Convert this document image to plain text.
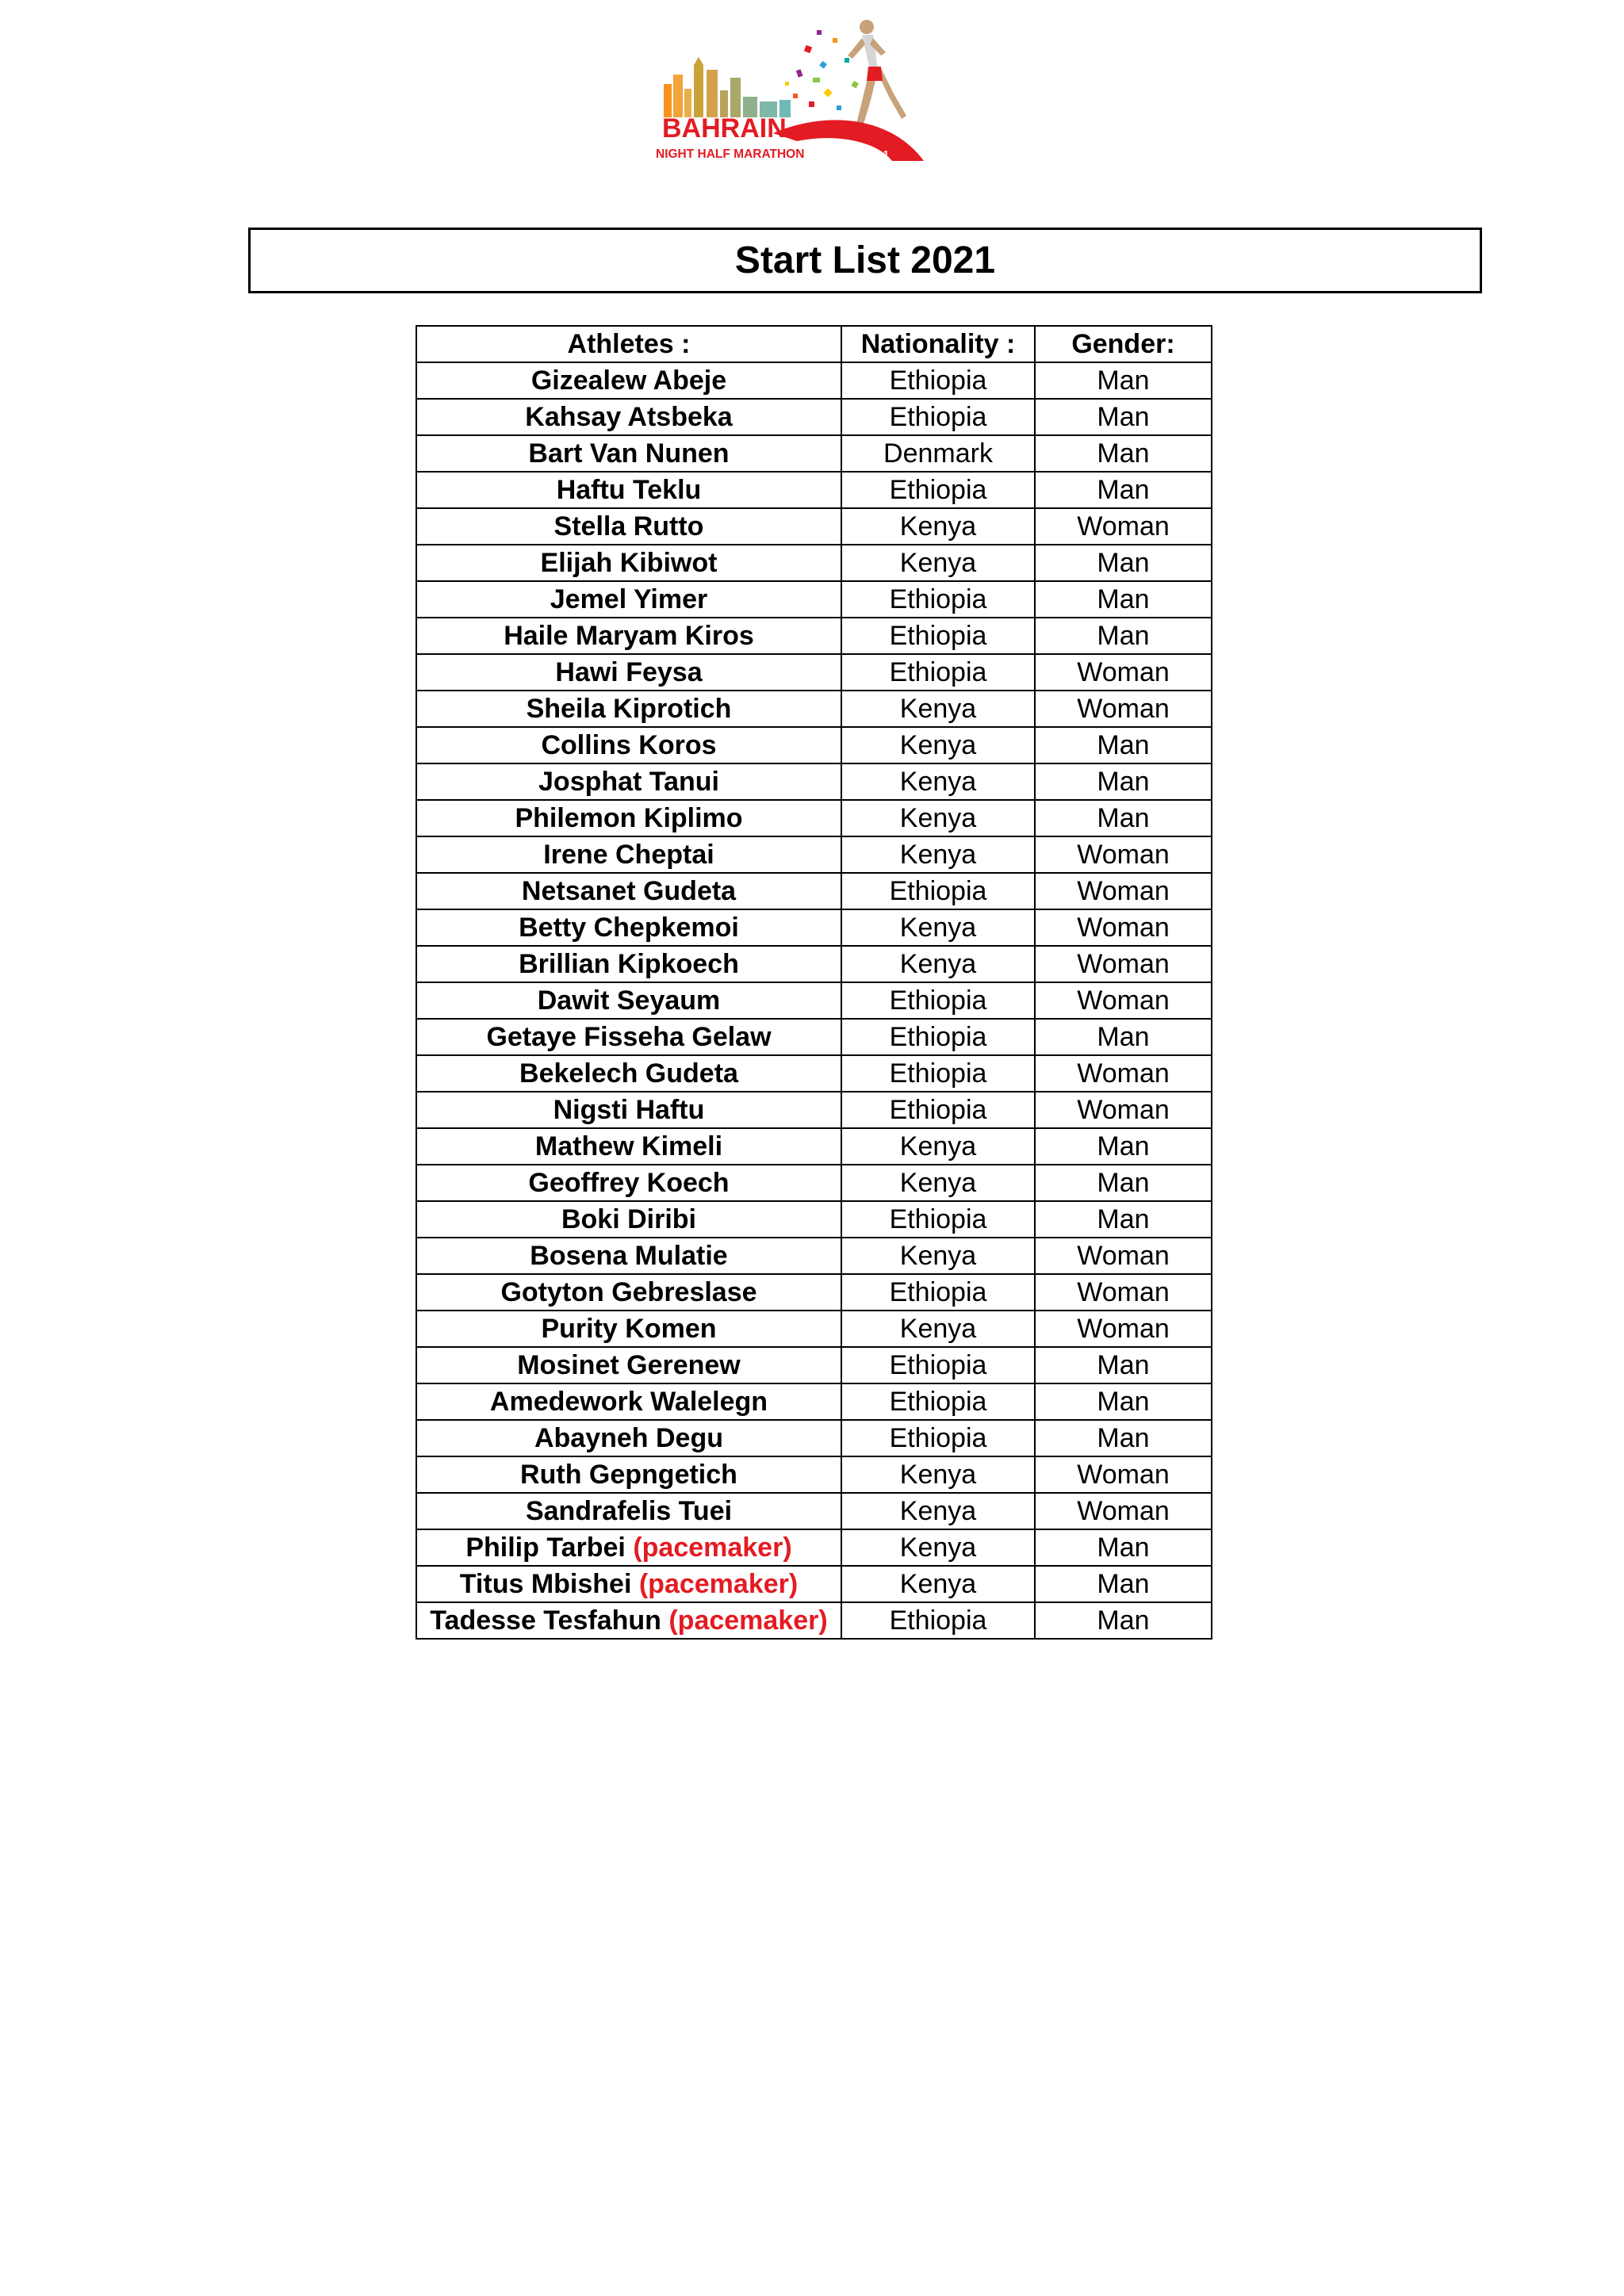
BAHRAIN
NIGHT HALF MARATHON	2021
Start List 2021
Athletes :	Nationality :	Gender:
Gizealew Abeje	Ethiopia	Man
Kahsay Atsbeka	Ethiopia	Man
Bart Van Nunen	Denmark	Man
Haftu Teklu	Ethiopia	Man
Stella Rutto	Kenya	Woman
Elijah Kibiwot	Kenya	Man
Jemel Yimer	Ethiopia	Man
Haile Maryam Kiros	Ethiopia	Man
Hawi Feysa	Ethiopia	Woman
Sheila Kiprotich	Kenya	Woman
Collins Koros	Kenya	Man
Josphat Tanui	Kenya	Man
Philemon Kiplimo	Kenya	Man
Irene Cheptai	Kenya	Woman
Netsanet Gudeta	Ethiopia	Woman
Betty Chepkemoi	Kenya	Woman
Brillian Kipkoech	Kenya	Woman
Dawit Seyaum	Ethiopia	Woman
Getaye Fisseha Gelaw	Ethiopia	Man
Bekelech Gudeta	Ethiopia	Woman
Nigsti Haftu	Ethiopia	Woman
Mathew Kimeli	Kenya	Man
Geoffrey Koech	Kenya	Man
Boki Diribi	Ethiopia	Man
Bosena Mulatie	Kenya	Woman
Gotyton Gebreslase	Ethiopia	Woman
Purity Komen	Kenya	Woman
Mosinet Gerenew	Ethiopia	Man
Amedework Walelegn	Ethiopia	Man
Abayneh Degu	Ethiopia	Man
Ruth Gepngetich	Kenya	Woman
Sandrafelis Tuei	Kenya	Woman
Philip Tarbei (pacemaker)	Kenya	Man
Titus Mbishei (pacemaker)	Kenya	Man
Tadesse Tesfahun (pacemaker)	Ethiopia	Man
